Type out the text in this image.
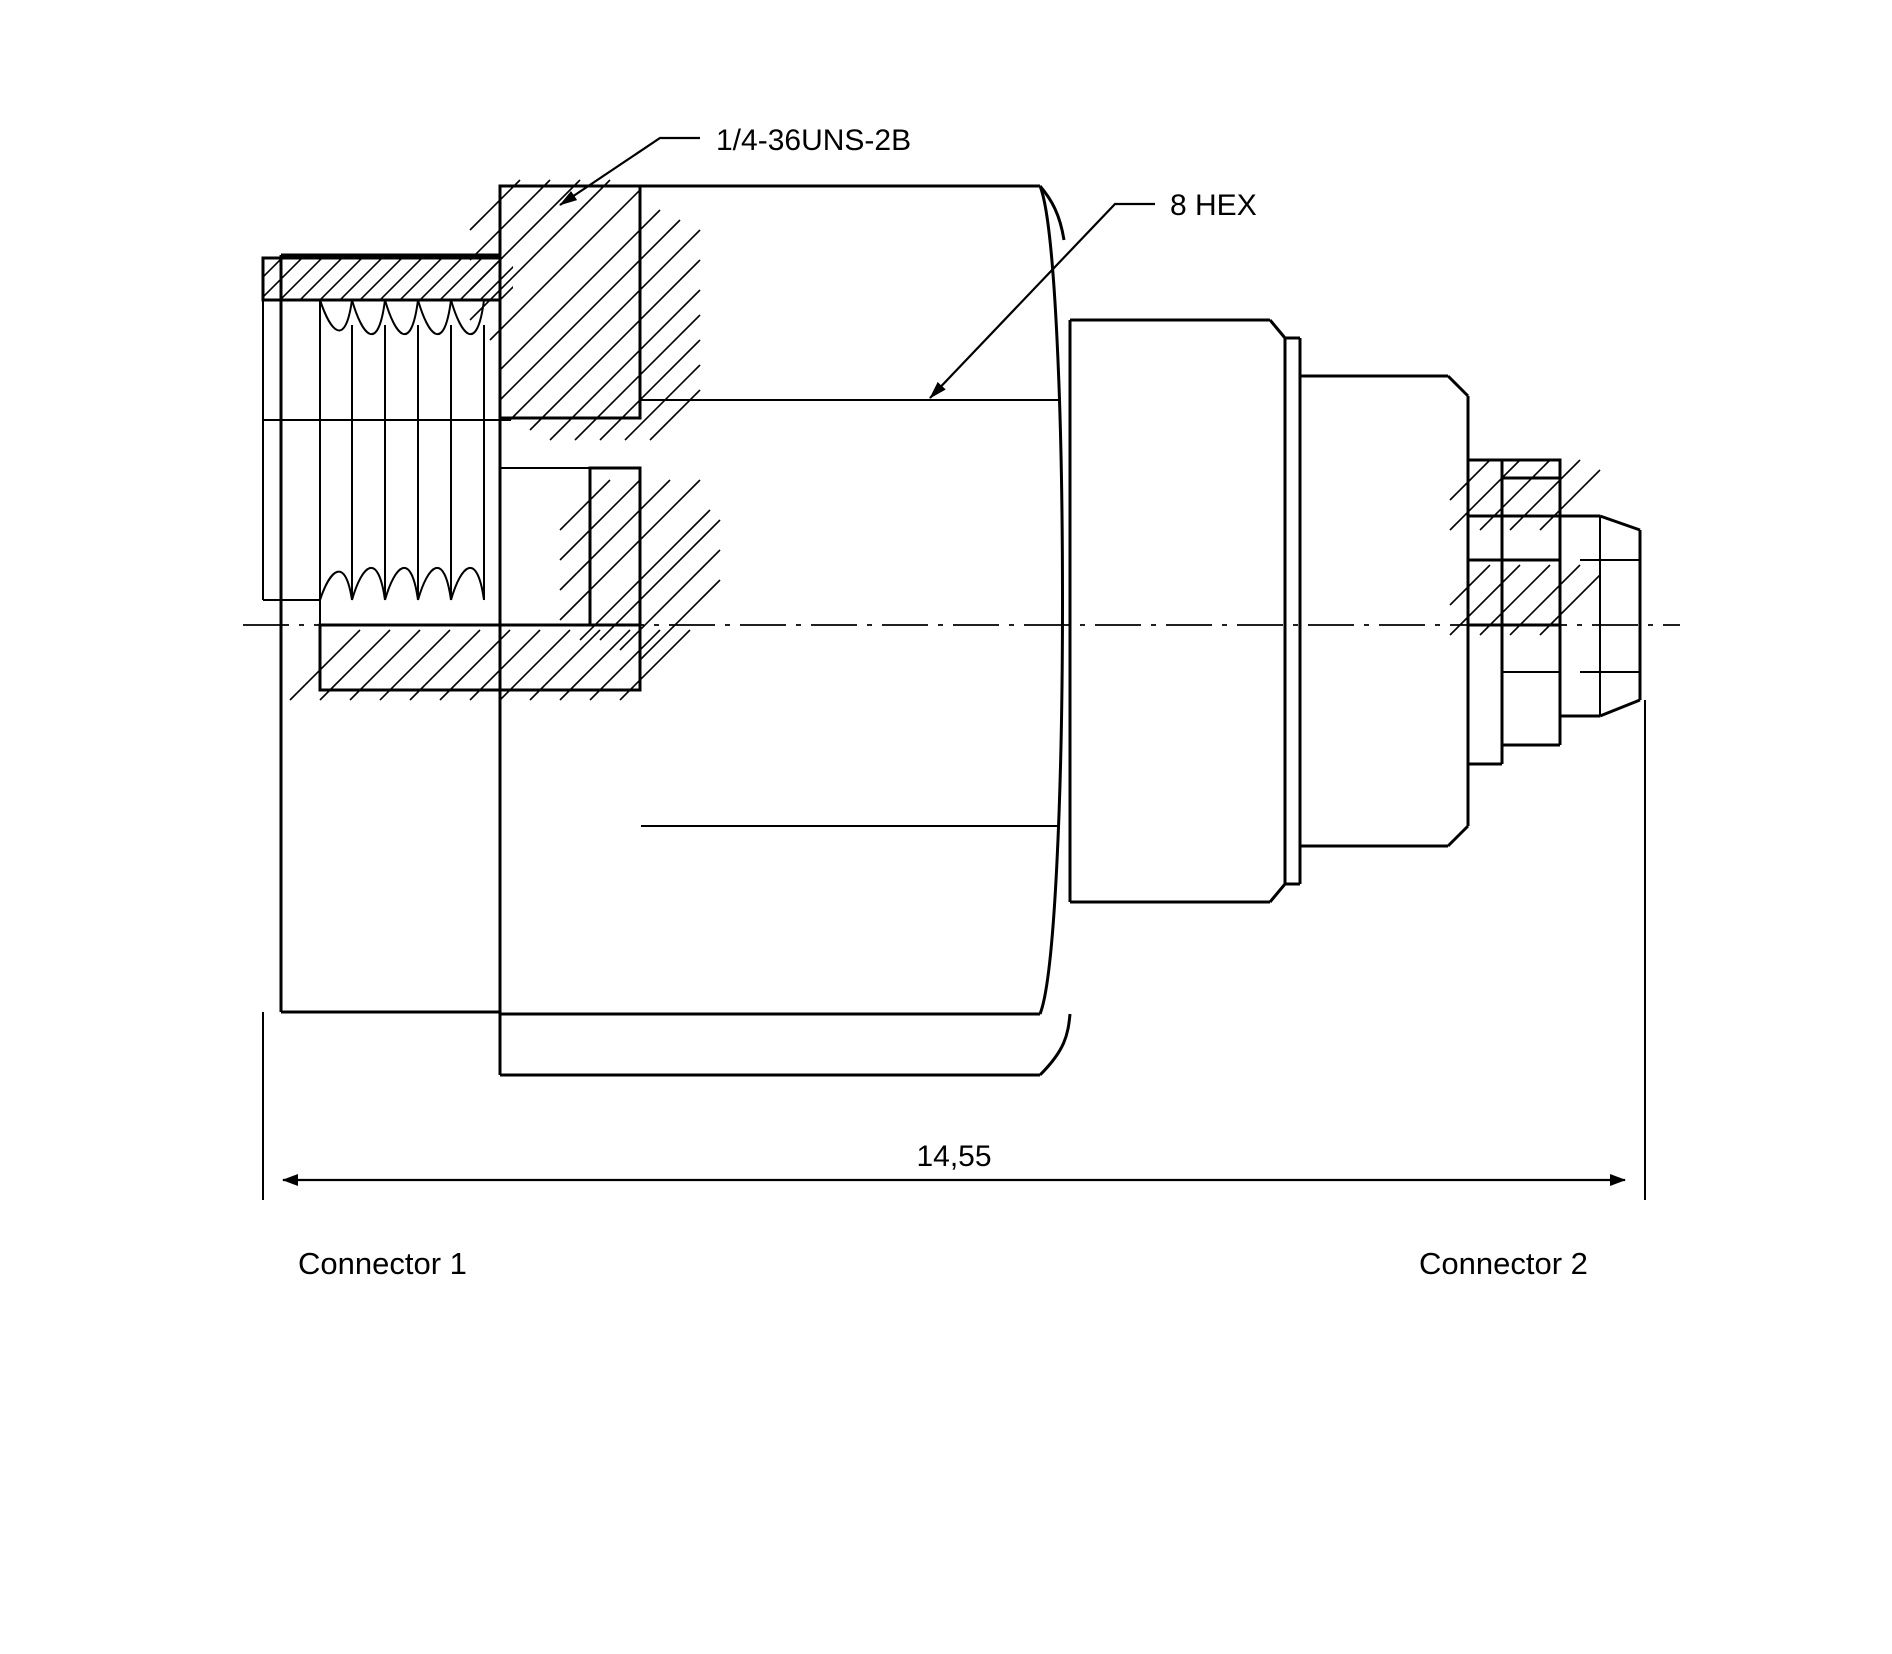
1/4-36UNS-2B
8 HEX
14,55
Connector 1	Connector 2
